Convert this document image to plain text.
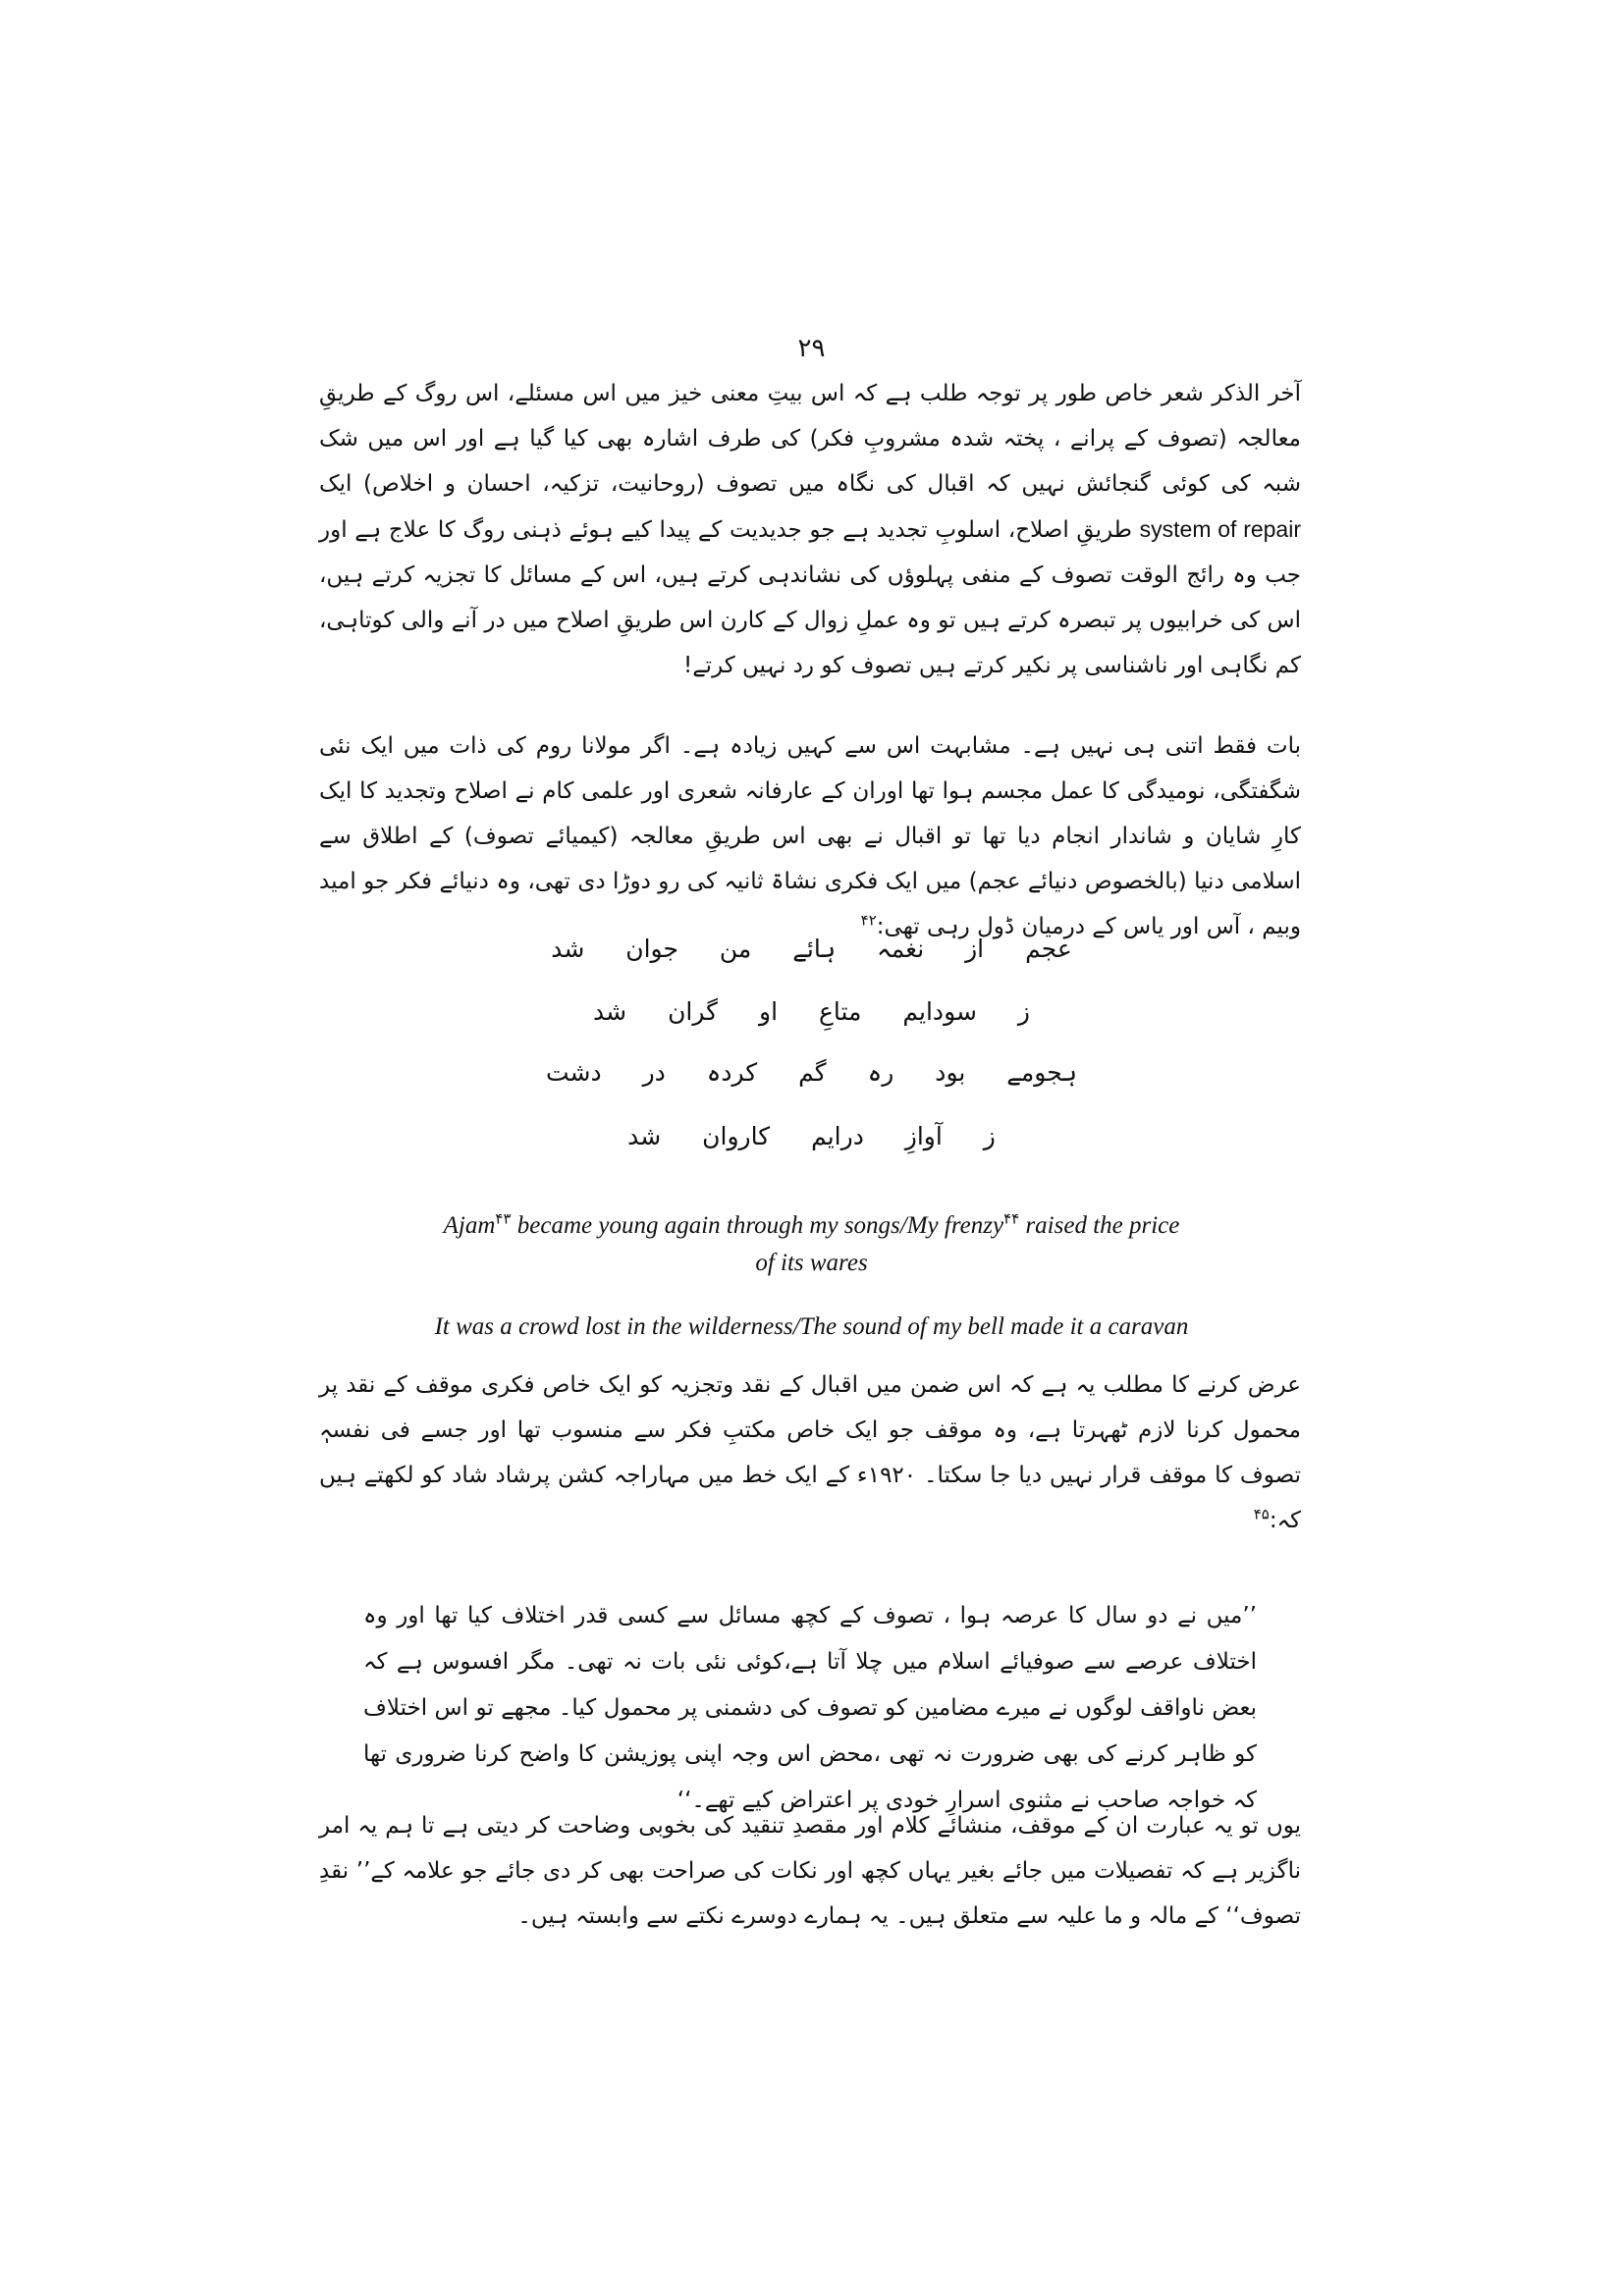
۲۹
آخر الذکر شعر خاص طور پر توجہ طلب ہے کہ اس بیتِ معنی خیز میں اس مسئلے، اس روگ کے طریقِ معالجہ (تصوف کے پرانے ، پختہ شدہ مشروبِ فکر) کی طرف اشارہ بھی کیا گیا ہے اور اس میں شک شبہ کی کوئی گنجائش نہیں کہ اقبال کی نگاہ میں تصوف (روحانیت، تزکیہ، احسان و اخلاص) ایک system of repair طریقِ اصلاح، اسلوبِ تجدید ہے جو جدیدیت کے پیدا کیے ہوئے ذہنی روگ کا علاج ہے اور جب وہ رائج الوقت تصوف کے منفی پہلوؤں کی نشاندہی کرتے ہیں، اس کے مسائل کا تجزیہ کرتے ہیں، اس کی خرابیوں پر تبصرہ کرتے ہیں تو وہ عملِ زوال کے کارن اس طریقِ اصلاح میں در آنے والی کوتاہی، کم نگاہی اور ناشناسی پر نکیر کرتے ہیں تصوف کو رد نہیں کرتے!
بات فقط اتنی ہی نہیں ہے۔ مشابہت اس سے کہیں زیادہ ہے۔ اگر مولانا روم کی ذات میں ایک نئی شگفتگی، نومیدگی کا عمل مجسم ہوا تھا اوران کے عارفانہ شعری اور علمی کام نے اصلاح وتجدید کا ایک کارِ شایان و شاندار انجام دیا تھا تو اقبال نے بھی اس طریقِ معالجہ (کیمیائے تصوف) کے اطلاق سے اسلامی دنیا (بالخصوص دنیائے عجم) میں ایک فکری نشاۃ ثانیہ کی رو دوڑا دی تھی، وہ دنیائے فکر جو امید وبیم ، آس اور یاس کے درمیان ڈول رہی تھی:$^{۴۲}$
عجم از نغمہ ہائے من جوان شد
ز سودایم متاعِ او گران شد
ہجومے بود رہ گم کردہ در دشت
ز آوازِ درایم کاروان شد
Ajam$^{۴۳}$ became young again through my songs/My frenzy$^{۴۴}$ raised the price
of its wares
It was a crowd lost in the wilderness/The sound of my bell made it a caravan
عرض کرنے کا مطلب یہ ہے کہ اس ضمن میں اقبال کے نقد وتجزیہ کو ایک خاص فکری موقف کے نقد پر محمول کرنا لازم ٹھہرتا ہے، وہ موقف جو ایک خاص مکتبِ فکر سے منسوب تھا اور جسے فی نفسہٖ تصوف کا موقف قرار نہیں دیا جا سکتا۔ ۱۹۲۰ء کے ایک خط میں مہاراجہ کشن پرشاد شاد کو لکھتے ہیں کہ:$^{۴۵}$
’’میں نے دو سال کا عرصہ ہوا ، تصوف کے کچھ مسائل سے کسی قدر اختلاف کیا تھا اور وہ اختلاف عرصے سے صوفیائے اسلام میں چلا آتا ہے،کوئی نئی بات نہ تھی۔ مگر افسوس ہے کہ بعض ناواقف لوگوں نے میرے مضامین کو تصوف کی دشمنی پر محمول کیا۔ مجھے تو اس اختلاف کو ظاہر کرنے کی بھی ضرورت نہ تھی ،محض اس وجہ اپنی پوزیشن کا واضح کرنا ضروری تھا کہ خواجہ صاحب نے مثنوی اسرارِ خودی پر اعتراض کیے تھے۔‘‘
یوں تو یہ عبارت ان کے موقف، منشائے کلام اور مقصدِ تنقید کی بخوبی وضاحت کر دیتی ہے تا ہم یہ امر ناگزیر ہے کہ تفصیلات میں جائے بغیر یہاں کچھ اور نکات کی صراحت بھی کر دی جائے جو علامہ کے’’ نقدِ تصوف‘‘ کے مالہ و ما علیہ سے متعلق ہیں۔ یہ ہمارے دوسرے نکتے سے وابستہ ہیں۔
